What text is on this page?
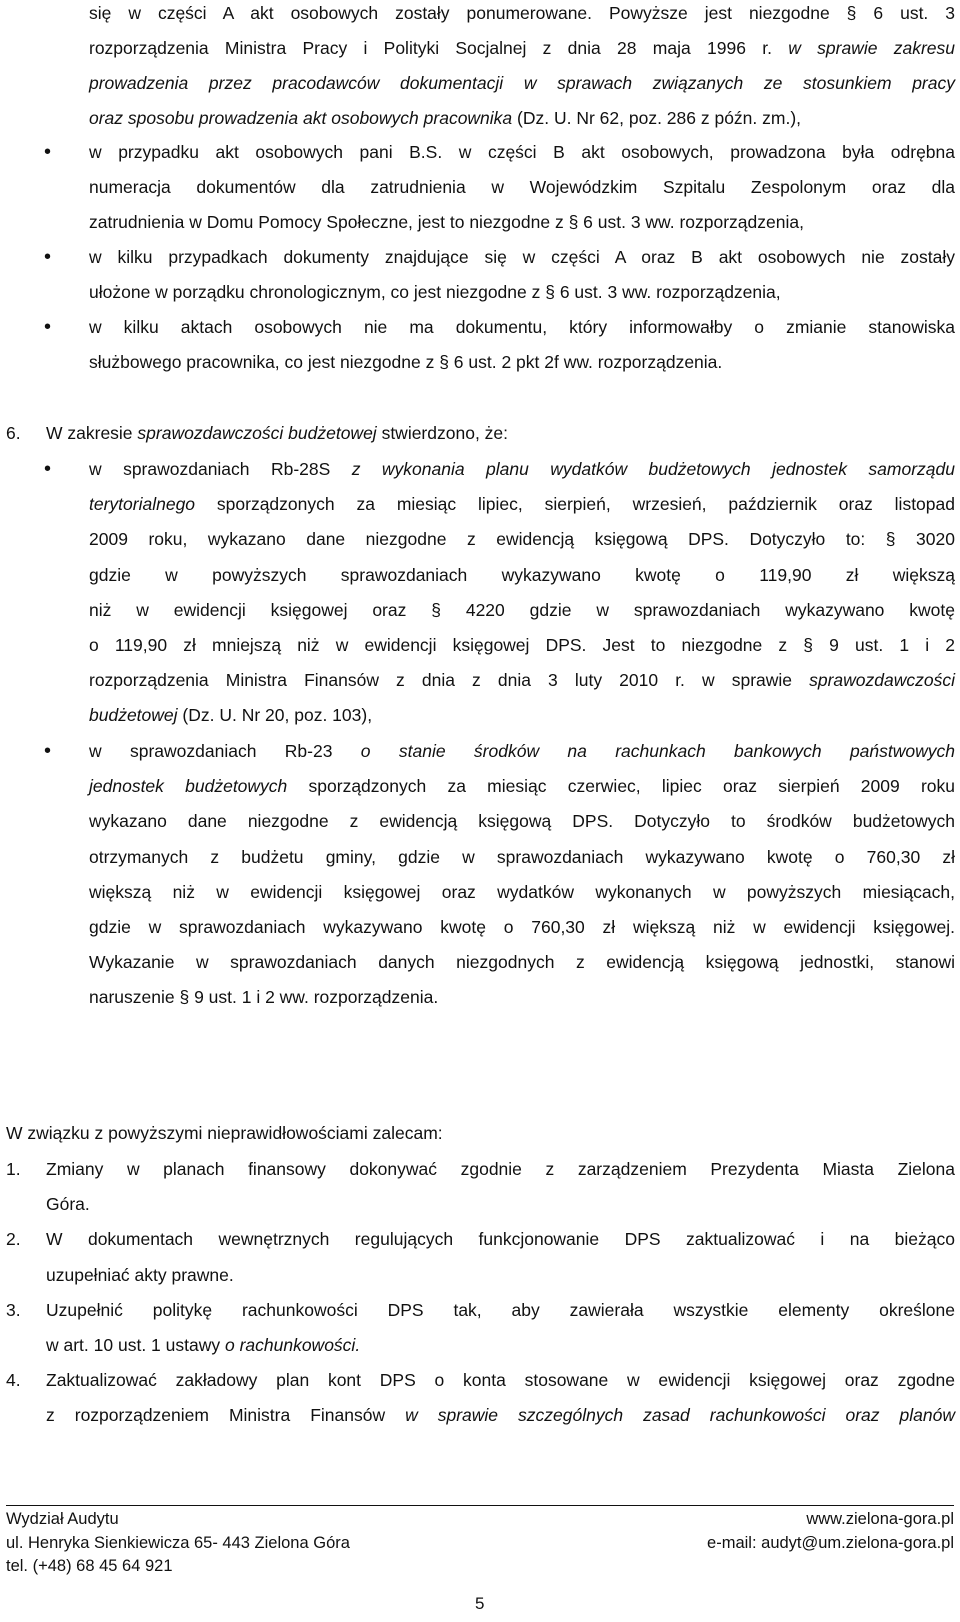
się w części A akt osobowych zostały ponumerowane. Powyższe jest niezgodne § 6 ust. 3
rozporządzenia Ministra Pracy i Polityki Socjalnej z dnia 28 maja 1996 r. w sprawie zakresu
prowadzenia przez pracodawców dokumentacji w sprawach związanych ze stosunkiem pracy
oraz sposobu prowadzenia akt osobowych pracownika (Dz. U. Nr 62, poz. 286 z późn. zm.),
• w przypadku akt osobowych pani B.S. w części B akt osobowych, prowadzona była odrębna
numeracja dokumentów dla zatrudnienia w Wojewódzkim Szpitalu Zespolonym oraz dla
zatrudnienia w Domu Pomocy Społeczne, jest to niezgodne z § 6 ust. 3 ww. rozporządzenia,
• w kilku przypadkach dokumenty znajdujące się w części A oraz B akt osobowych nie zostały
ułożone w porządku chronologicznym, co jest niezgodne z § 6 ust. 3 ww. rozporządzenia,
• w kilku aktach osobowych nie ma dokumentu, który informowałby o zmianie stanowiska
służbowego pracownika, co jest niezgodne z § 6 ust. 2 pkt 2f ww. rozporządzenia.
6. W zakresie sprawozdawczości budżetowej stwierdzono, że:
• w sprawozdaniach Rb-28S z wykonania planu wydatków budżetowych jednostek samorządu
terytorialnego sporządzonych za miesiąc lipiec, sierpień, wrzesień, październik oraz listopad
2009 roku, wykazano dane niezgodne z ewidencją księgową DPS. Dotyczyło to: § 3020
gdzie w powyższych sprawozdaniach wykazywano kwotę o 119,90 zł większą
niż w ewidencji księgowej oraz § 4220 gdzie w sprawozdaniach wykazywano kwotę
o 119,90 zł mniejszą niż w ewidencji księgowej DPS. Jest to niezgodne z § 9 ust. 1 i 2
rozporządzenia Ministra Finansów z dnia z dnia 3 luty 2010 r. w sprawie sprawozdawczości
budżetowej (Dz. U. Nr 20, poz. 103),
• w sprawozdaniach Rb-23 o stanie środków na rachunkach bankowych państwowych
jednostek budżetowych sporządzonych za miesiąc czerwiec, lipiec oraz sierpień 2009 roku
wykazano dane niezgodne z ewidencją księgową DPS. Dotyczyło to środków budżetowych
otrzymanych z budżetu gminy, gdzie w sprawozdaniach wykazywano kwotę o 760,30 zł
większą niż w ewidencji księgowej oraz wydatków wykonanych w powyższych miesiącach,
gdzie w sprawozdaniach wykazywano kwotę o 760,30 zł większą niż w ewidencji księgowej.
Wykazanie w sprawozdaniach danych niezgodnych z ewidencją księgową jednostki, stanowi
naruszenie § 9 ust. 1 i 2 ww. rozporządzenia.
W związku z powyższymi nieprawidłowościami zalecam:
1. Zmiany w planach finansowy dokonywać zgodnie z zarządzeniem Prezydenta Miasta Zielona
Góra.
2. W dokumentach wewnętrznych regulujących funkcjonowanie DPS zaktualizować i na bieżąco
uzupełniać akty prawne.
3. Uzupełnić politykę rachunkowości DPS tak, aby zawierała wszystkie elementy określone
w art. 10 ust. 1 ustawy o rachunkowości.
4. Zaktualizować zakładowy plan kont DPS o konta stosowane w ewidencji księgowej oraz zgodne
z rozporządzeniem Ministra Finansów w sprawie szczególnych zasad rachunkowości oraz planów
Wydział Audytu
ul. Henryka Sienkiewicza 65- 443 Zielona Góra
tel. (+48) 68 45 64 921
www.zielona-gora.pl
e-mail: audyt@um.zielona-gora.pl
5
